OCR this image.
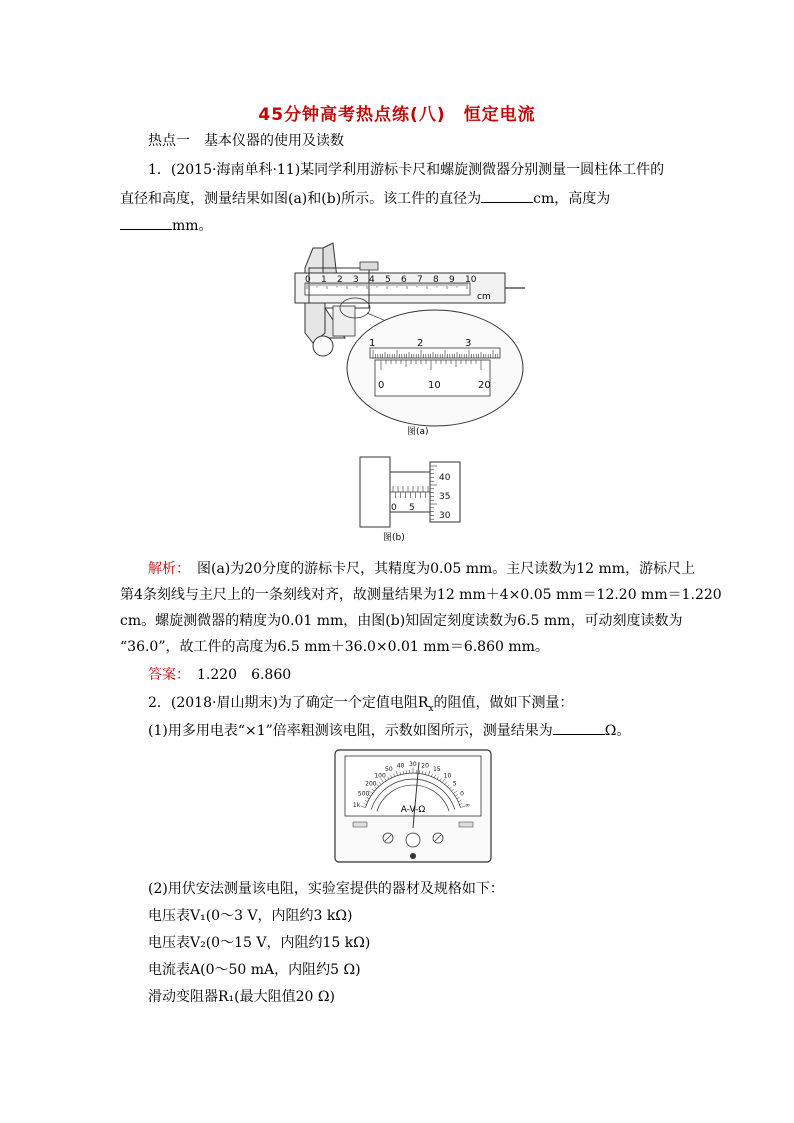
45分钟高考热点练(八)　恒定电流
热点一　基本仪器的使用及读数
1．(2015·海南单科·11)某同学利用游标卡尺和螺旋测微器分别测量一圆柱体工件的
直径和高度，测量结果如图(a)和(b)所示。该工件的直径为	cm，高度为
mm。
0 1 2 3 4 5 6 7 8 9 10
cm
1	2	3
0	10	20
图(a)
40
35
30
0 5
图(b)
解析：　 图(a)为20分度的游标卡尺，其精度为0.05 mm。主尺读数为12 mm，游标尺上
第4条刻线与主尺上的一条刻线对齐，故测量结果为12 mm＋4×0.05 mm＝12.20 mm＝1.220
cm。螺旋测微器的精度为0.01 mm，由图(b)知固定刻度读数为6.5 mm，可动刻度读数为
“36.0”，故工件的高度为6.5 mm＋36.0×0.01 mm＝6.860 mm。
答案：　 1.220　6.860
2．(2018·眉山期末)为了确定一个定值电阻$R_x$的阻值，做如下测量：
(1)用多用电表“×1”倍率粗测该电阻，示数如图所示，测量结果为	Ω。
1k
500
200
100
50
40 30 20
15
10
5
0
∞
A-V-Ω
(2)用伏安法测量该电阻，实验室提供的器材及规格如下：
电压表V₁(0～3 V，内阻约3 kΩ)
电压表V₂(0～15 V，内阻约15 kΩ)
电流表A(0～50 mA，内阻约5 Ω)
滑动变阻器R₁(最大阻值20 Ω)
